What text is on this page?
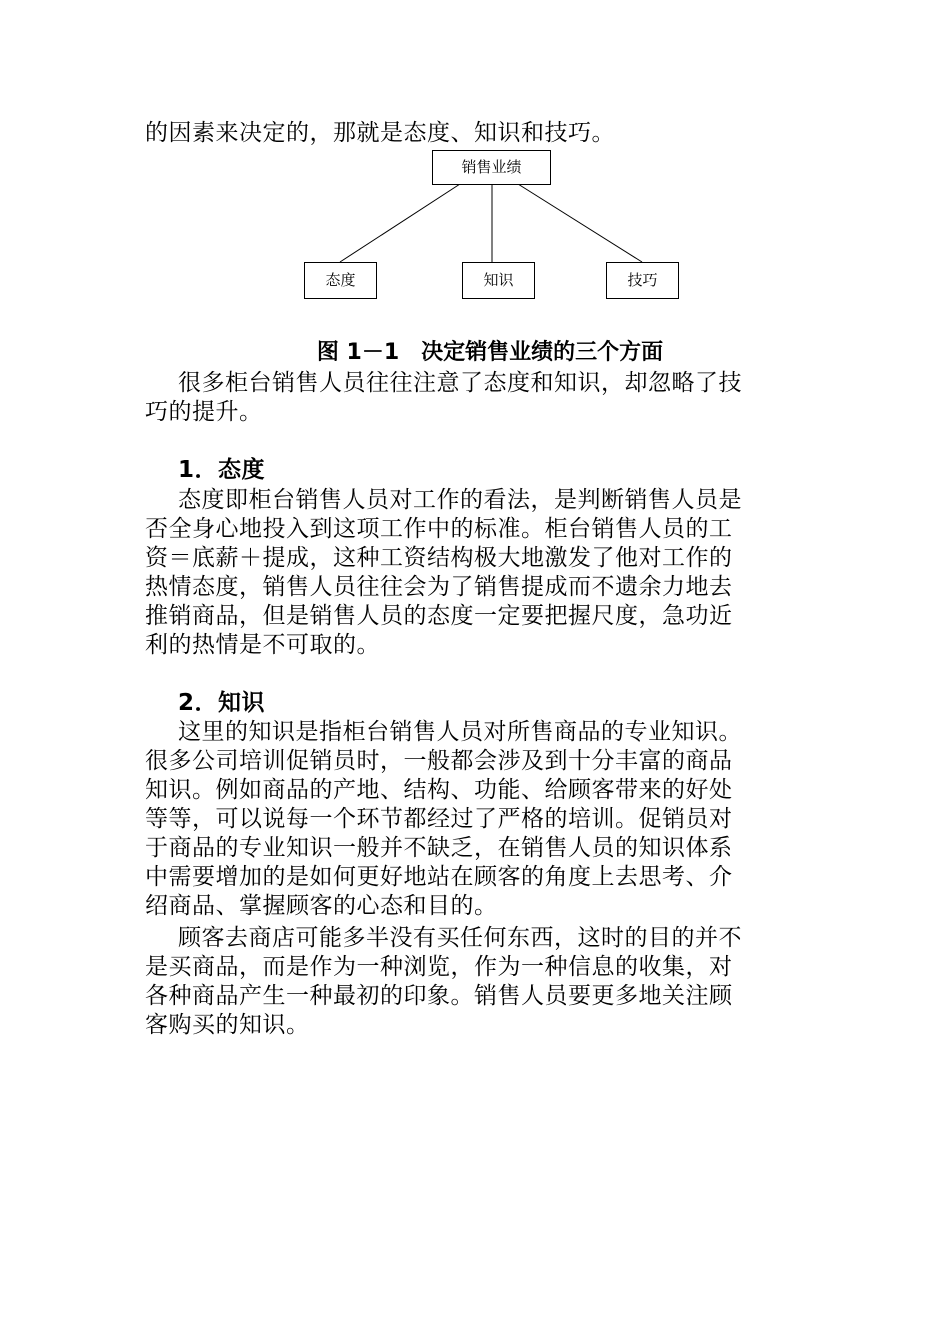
的因素来决定的，那就是态度、知识和技巧。
销售业绩
态度	知识	技巧
图 1－1　决定销售业绩的三个方面
很多柜台销售人员往往注意了态度和知识，却忽略了技
巧的提升。
1．态度
态度即柜台销售人员对工作的看法，是判断销售人员是
否全身心地投入到这项工作中的标准。柜台销售人员的工
资＝底薪＋提成，这种工资结构极大地激发了他对工作的
热情态度，销售人员往往会为了销售提成而不遗余力地去
推销商品，但是销售人员的态度一定要把握尺度，急功近
利的热情是不可取的。
2．知识
这里的知识是指柜台销售人员对所售商品的专业知识。
很多公司培训促销员时，一般都会涉及到十分丰富的商品
知识。例如商品的产地、结构、功能、给顾客带来的好处
等等，可以说每一个环节都经过了严格的培训。促销员对
于商品的专业知识一般并不缺乏，在销售人员的知识体系
中需要增加的是如何更好地站在顾客的角度上去思考、介
绍商品、掌握顾客的心态和目的。
顾客去商店可能多半没有买任何东西，这时的目的并不
是买商品，而是作为一种浏览，作为一种信息的收集，对
各种商品产生一种最初的印象。销售人员要更多地关注顾
客购买的知识。
